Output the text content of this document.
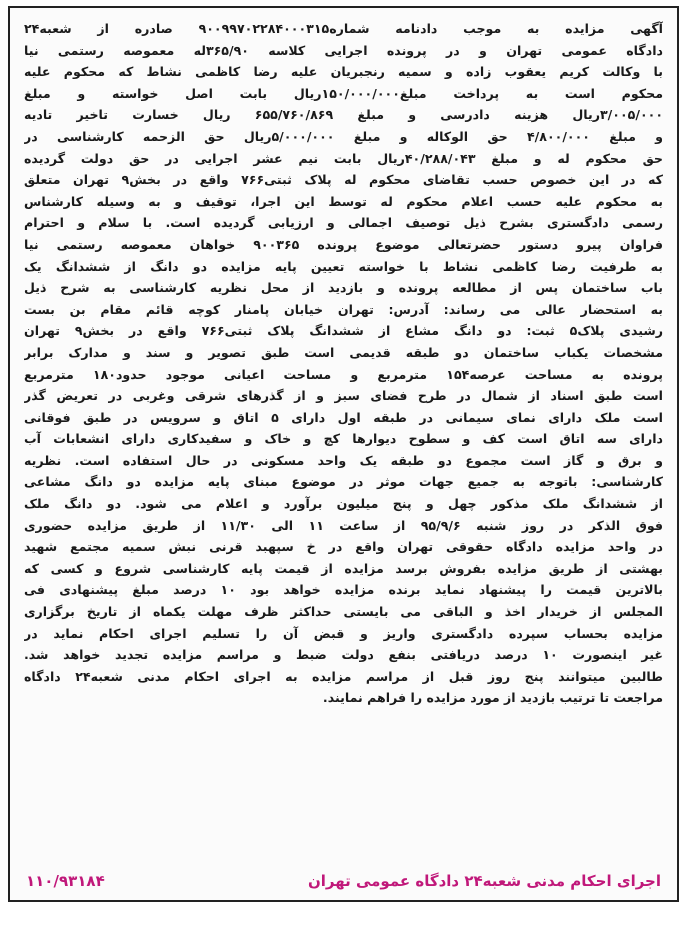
آگهی مزایده به موجب دادنامه شماره۹۰۰۹۹۷۰۲۲۸۴۰۰۰۳۱۵ صادره از شعبه۲۴
دادگاه عمومی تهران و در پرونده اجرایی کلاسه ۳۶۵/۹۰له معموصه رستمی نیا
با وکالت کریم یعقوب زاده و سمیه رنجبریان علیه رضا کاظمی نشاط که محکوم علیه
محکوم است به پرداخت مبلغ۱۵۰/۰۰۰/۰۰۰ریال بابت اصل خواسته و مبلغ
۳/۰۰۵/۰۰۰ریال هزینه دادرسی و مبلغ ۶۵۵/۷۶۰/۸۶۹ ریال خسارت تاخیر تادیه
و مبلغ ۴/۸۰۰/۰۰۰ حق الوکاله و مبلغ ۵/۰۰۰/۰۰۰ریال حق الزحمه کارشناسی در
حق محکوم له و مبلغ ۴۰/۲۸۸/۰۴۳ریال بابت نیم عشر اجرایی در حق دولت گردیده
که در این خصوص حسب تقاضای محکوم له پلاک ثبتی۷۶۶ واقع در بخش۹ تهران متعلق
به محکوم علیه حسب اعلام محکوم له توسط این اجرا، توقیف و به وسیله کارشناس
رسمی دادگستری بشرح ذیل توصیف اجمالی و ارزیابی گردیده است. با سلام و احترام
فراوان پیرو دستور حضرتعالی موضوع پرونده ۹۰۰۳۶۵ خواهان معموصه رستمی نیا
به طرفیت رضا کاظمی نشاط با خواسته تعیین پایه مزایده دو دانگ از ششدانگ یک
باب ساختمان پس از مطالعه پرونده و بازدید از محل نظریه کارشناسی به شرح ذیل
به استحضار عالی می رساند: آدرس: تهران خیابان پامنار کوچه قائم مقام بن بست
رشیدی پلاک۵ ثبت: دو دانگ مشاع از ششدانگ پلاک ثبتی۷۶۶ واقع در بخش۹ تهران
مشخصات یکباب ساختمان دو طبقه قدیمی است طبق تصویر و سند و مدارک برابر
پرونده به مساحت عرصه۱۵۴ مترمربع و مساحت اعیانی موجود حدود۱۸۰ مترمربع
است طبق اسناد از شمال در طرح فضای سبز و از گذرهای شرقی وغربی در تعریض گذر
است ملک دارای نمای سیمانی در طبقه اول دارای ۵ اتاق و سرویس در طبق فوقانی
دارای سه اتاق است کف و سطوح دیوارها کچ و خاک و سفیدکاری دارای انشعابات آب
و برق و گاز است مجموع دو طبقه یک واحد مسکونی در حال استفاده است. نظریه
کارشناسی: باتوجه به جمیع جهات موثر در موضوع مبنای پایه مزایده دو دانگ مشاعی
از ششدانگ ملک مذکور چهل و پنج میلیون برآورد و اعلام می شود. دو دانگ ملک
فوق الذکر در روز شنبه ۹۵/۹/۶ از ساعت ۱۱ الی ۱۱/۳۰ از طریق مزایده حضوری
در واحد مزایده دادگاه حقوقی تهران واقع در خ سپهبد قرنی نبش سمیه مجتمع شهید
بهشتی از طریق مزایده بفروش برسد مزایده از قیمت پایه کارشناسی شروع و کسی که
بالاترین قیمت را پیشنهاد نماید برنده مزایده خواهد بود ۱۰ درصد مبلغ پیشنهادی فی
المجلس از خریدار اخذ و الباقی می بایستی حداکثر ظرف مهلت یکماه از تاریخ برگزاری
مزایده بحساب سپرده دادگستری واریز و قبض آن را تسلیم اجرای احکام نماید در
غیر اینصورت ۱۰ درصد دریافتی بنفع دولت ضبط و مراسم مزایده تجدید خواهد شد.
طالبین میتوانند پنج روز قبل از مراسم مزایده به اجرای احکام مدنی شعبه۲۴ دادگاه
مراجعت تا ترتیب بازدید از مورد مزایده را فراهم نمایند.
اجرای احکام مدنی شعبه۲۴ دادگاه عمومی تهران
۱۱۰/۹۳۱۸۴
